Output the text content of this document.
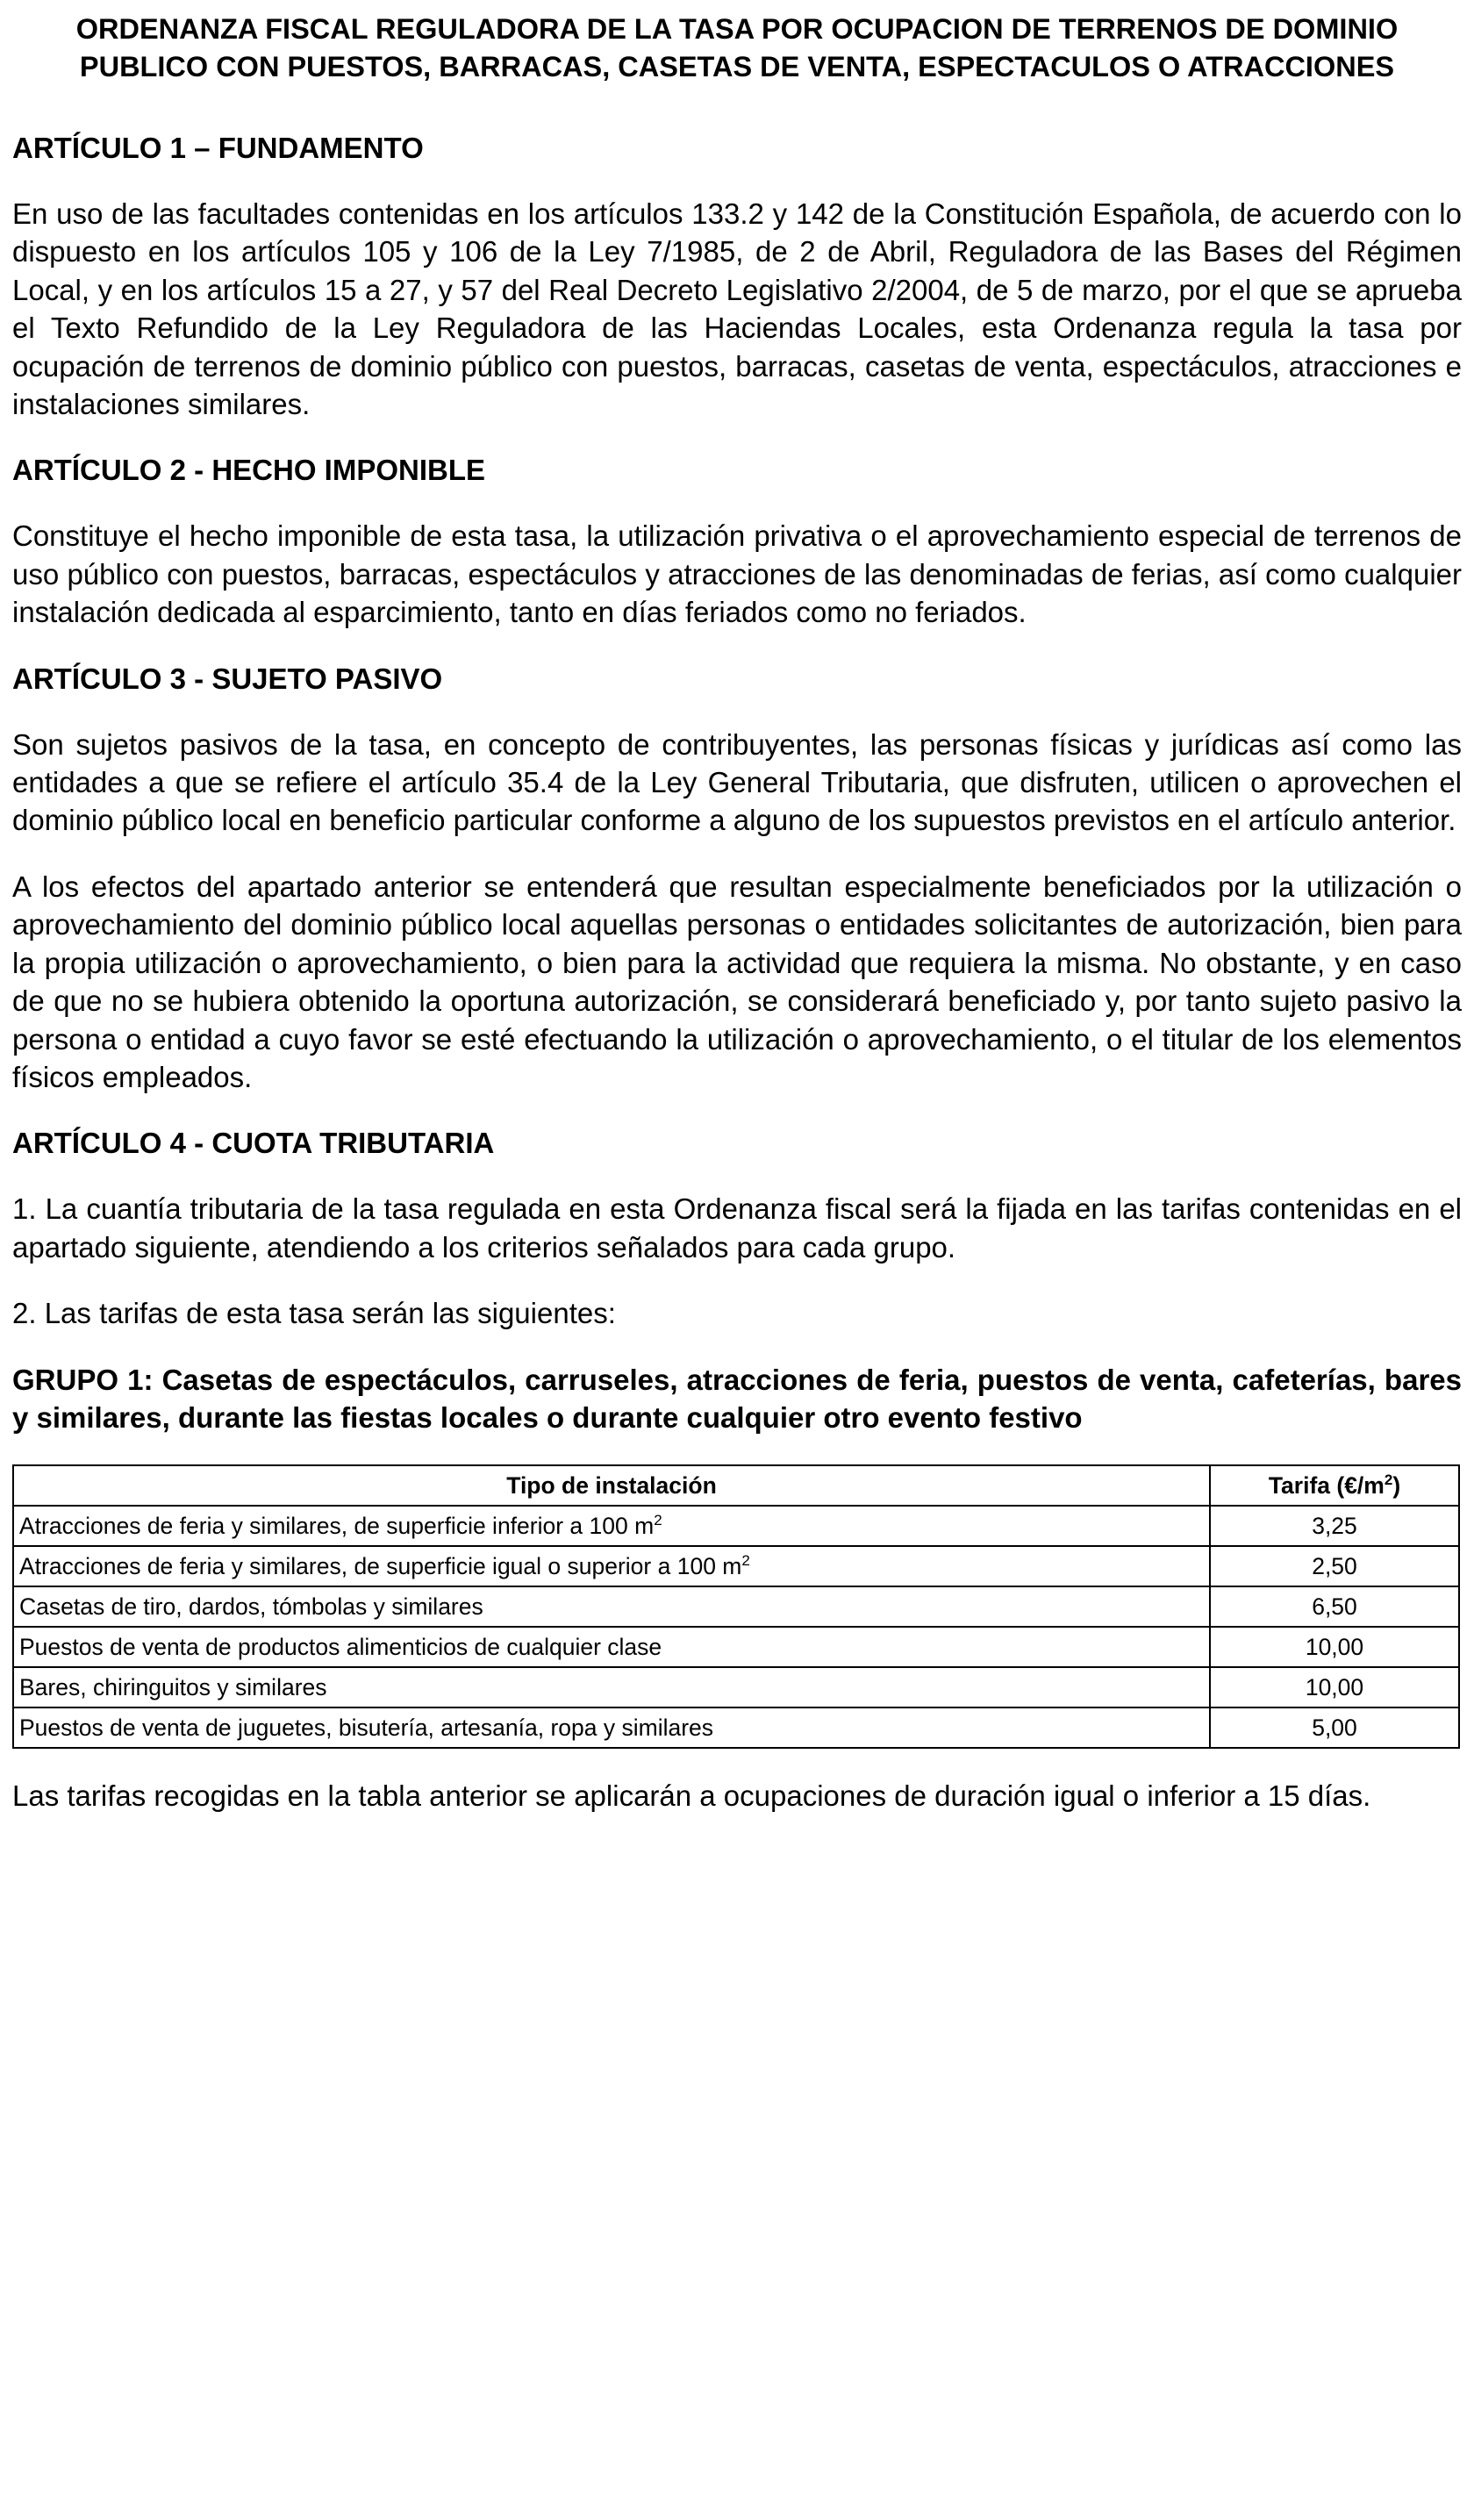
ORDENANZA FISCAL REGULADORA DE LA TASA POR OCUPACION DE TERRENOS DE DOMINIO PUBLICO CON PUESTOS, BARRACAS, CASETAS DE VENTA, ESPECTACULOS O ATRACCIONES
ARTÍCULO 1 – FUNDAMENTO

En uso de las facultades contenidas en los artículos 133.2 y 142 de la Constitución Española, de acuerdo con lo dispuesto en los artículos 105 y 106 de la Ley 7/1985, de 2 de Abril, Reguladora de las Bases del Régimen Local, y en los artículos 15 a 27, y 57 del Real Decreto Legislativo 2/2004, de 5 de marzo, por el que se aprueba el Texto Refundido de la Ley Reguladora de las Haciendas Locales, esta Ordenanza regula la tasa por ocupación de terrenos de dominio público con puestos, barracas, casetas de venta, espectáculos, atracciones e instalaciones similares.

ARTÍCULO 2 - HECHO IMPONIBLE

Constituye el hecho imponible de esta tasa, la utilización privativa o el aprovechamiento especial de terrenos de uso público con puestos, barracas, espectáculos y atracciones de las denominadas de ferias, así como cualquier instalación dedicada al esparcimiento, tanto en días feriados como no feriados.

ARTÍCULO 3 - SUJETO PASIVO

Son sujetos pasivos de la tasa, en concepto de contribuyentes, las personas físicas y jurídicas así como las entidades a que se refiere el artículo 35.4 de la Ley General Tributaria, que disfruten, utilicen o aprovechen el dominio público local en beneficio particular conforme a alguno de los supuestos previstos en el artículo anterior.

A los efectos del apartado anterior se entenderá que resultan especialmente beneficiados por la utilización o aprovechamiento del dominio público local aquellas personas o entidades solicitantes de autorización, bien para la propia utilización o aprovechamiento, o bien para la actividad que requiera la misma. No obstante, y en caso de que no se hubiera obtenido la oportuna autorización, se considerará beneficiado y, por tanto sujeto pasivo la persona o entidad a cuyo favor se esté efectuando la utilización o aprovechamiento, o el titular de los elementos físicos empleados.

ARTÍCULO 4 - CUOTA TRIBUTARIA

1. La cuantía tributaria de la tasa regulada en esta Ordenanza fiscal será la fijada en las tarifas contenidas en el apartado siguiente, atendiendo a los criterios señalados para cada grupo.

2. Las tarifas de esta tasa serán las siguientes:

GRUPO 1: Casetas de espectáculos, carruseles, atracciones de feria, puestos de venta, cafeterías, bares y similares, durante las fiestas locales o durante cualquier otro evento festivo

Tipo de instalación	Tarifa $(€/m^2)$
Atracciones de feria y similares, de superficie inferior a 100 $m^2$	3,25
Atracciones de feria y similares, de superficie igual o superior a 100 $m^2$	2,50
Casetas de tiro, dardos, tómbolas y similares	6,50
Puestos de venta de productos alimenticios de cualquier clase	10,00
Bares, chiringuitos y similares	10,00
Puestos de venta de juguetes, bisutería, artesanía, ropa y similares	5,00

Las tarifas recogidas en la tabla anterior se aplicarán a ocupaciones de duración igual o inferior a 15 días.
